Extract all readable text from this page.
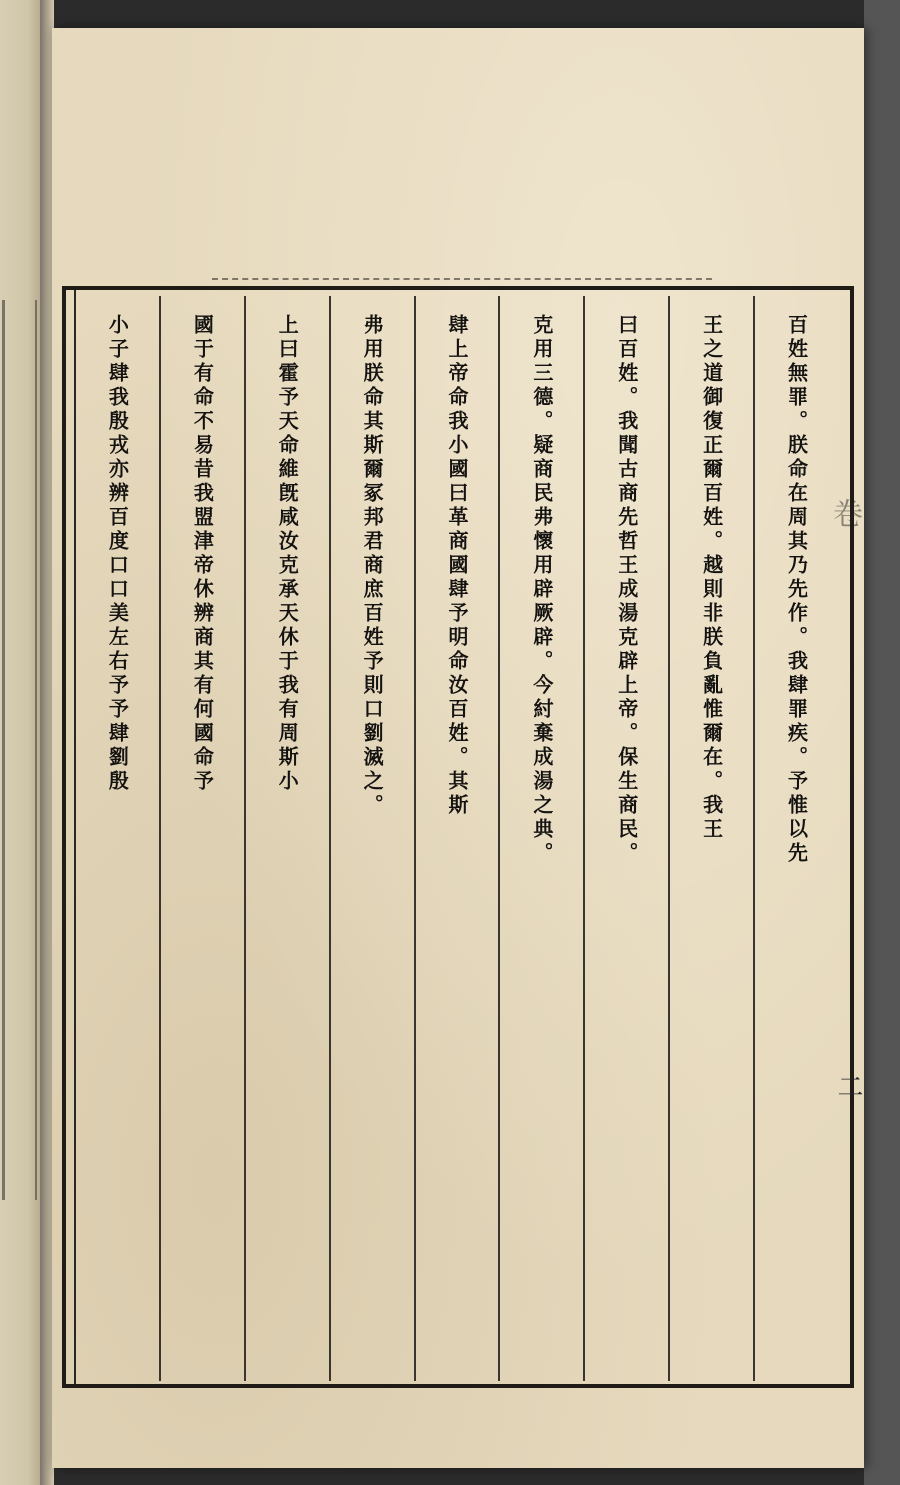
卷
二
百姓無罪。朕命在周其乃先作。我肆罪疾。予惟以先
王之道御復正爾百姓。越則非朕負亂惟爾在。我王
曰百姓。我聞古商先哲王成湯克辟上帝。保生商民。
克用三德。疑商民弗懷用辟厥辟。今紂棄成湯之典。
肆上帝命我小國曰革商國肆予明命汝百姓。其斯
弗用朕命其斯爾冢邦君商庶百姓予則口劉滅之。
上曰霍予天命維旣咸汝克承天休于我有周斯小
國于有命不易昔我盟津帝休辨商其有何國命予
小子肆我殷戎亦辨百度口口美左右予予肆劉殷
